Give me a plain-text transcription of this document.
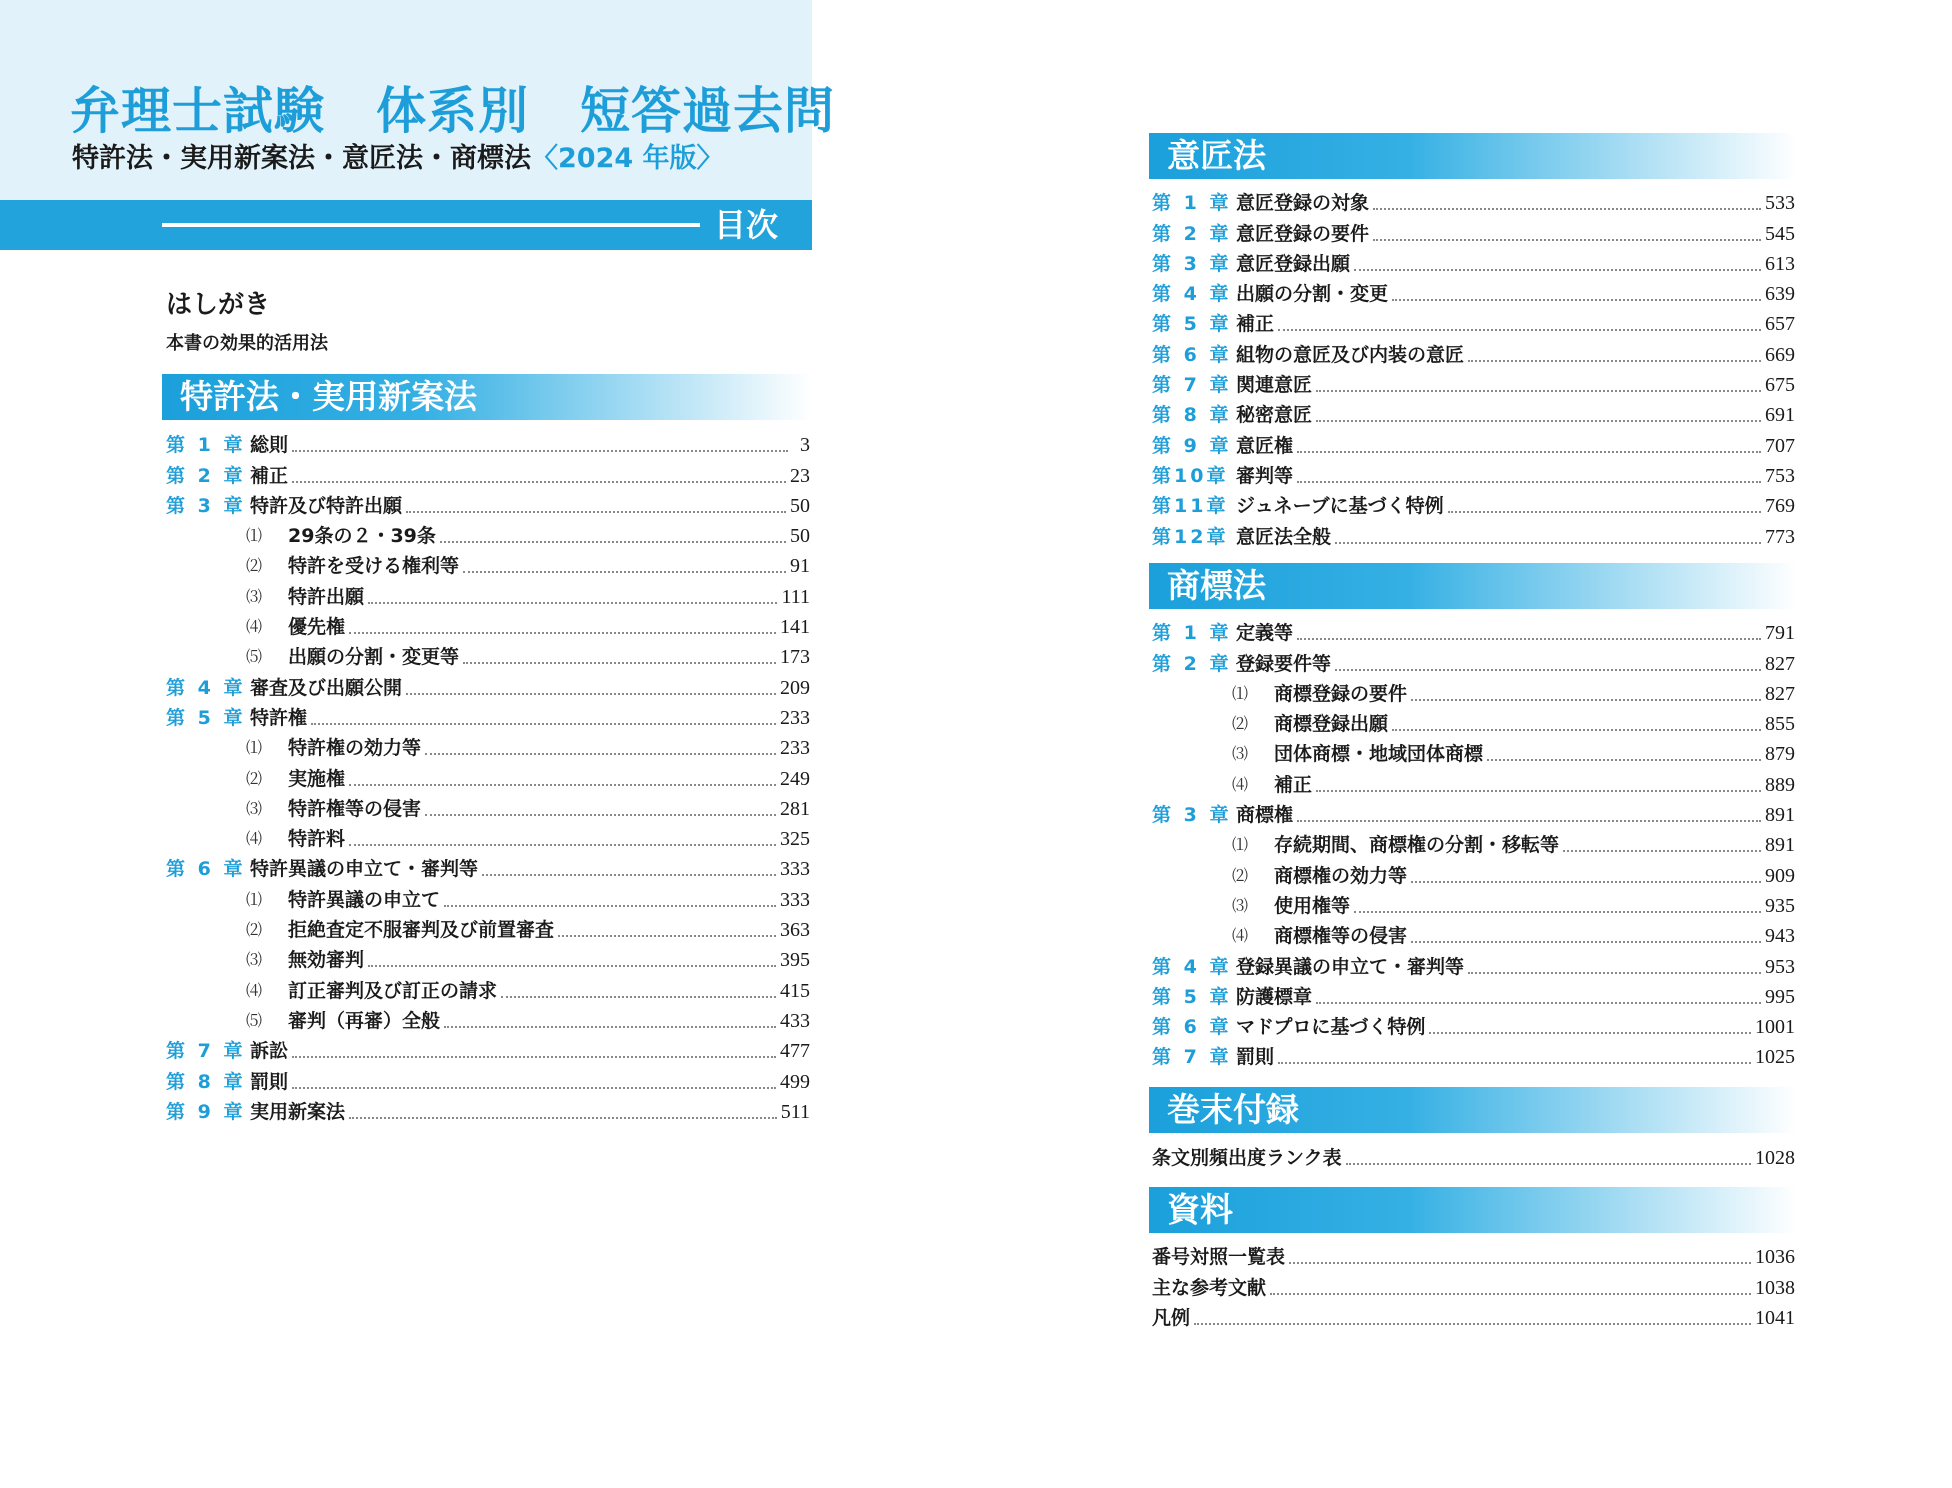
弁理士試験　体系別　短答過去問

特許法・実用新案法・意匠法・商標法〈2024 年版〉

目次
はしがき
本書の効果的活用法
特許法・実用新案法
第 1 章 総則	3
第 2 章 補正	23
第 3 章 特許及び特許出願	50
⑴	29条の２・39条	50
⑵	特許を受ける権利等	91
⑶	特許出願	111
⑷	優先権	141
⑸	出願の分割・変更等	173
第 4 章 審査及び出願公開	209
第 5 章 特許権	233
⑴	特許権の効力等	233
⑵	実施権	249
⑶	特許権等の侵害	281
⑷	特許料	325
第 6 章 特許異議の申立て・審判等	333
⑴	特許異議の申立て	333
⑵	拒絶査定不服審判及び前置審査	363
⑶	無効審判	395
⑷	訂正審判及び訂正の請求	415
⑸	審判（再審）全般	433
第 7 章 訴訟	477
第 8 章 罰則	499
第 9 章 実用新案法	511
意匠法
第 1 章 意匠登録の対象	533
第 2 章 意匠登録の要件	545
第 3 章 意匠登録出願	613
第 4 章 出願の分割・変更	639
第 5 章 補正	657
第 6 章 組物の意匠及び内装の意匠	669
第 7 章 関連意匠	675
第 8 章 秘密意匠	691
第 9 章 意匠権	707
第10章 審判等	753
第11章 ジュネーブに基づく特例	769
第12章 意匠法全般	773
商標法
第 1 章 定義等	791
第 2 章 登録要件等	827
⑴	商標登録の要件	827
⑵	商標登録出願	855
⑶	団体商標・地域団体商標	879
⑷	補正	889
第 3 章 商標権	891
⑴	存続期間、商標権の分割・移転等	891
⑵	商標権の効力等	909
⑶	使用権等	935
⑷	商標権等の侵害	943
第 4 章 登録異議の申立て・審判等	953
第 5 章 防護標章	995
第 6 章 マドプロに基づく特例	1001
第 7 章 罰則	1025
巻末付録
条文別頻出度ランク表	1028
資料
番号対照一覧表	1036
主な参考文献	1038
凡例	1041
